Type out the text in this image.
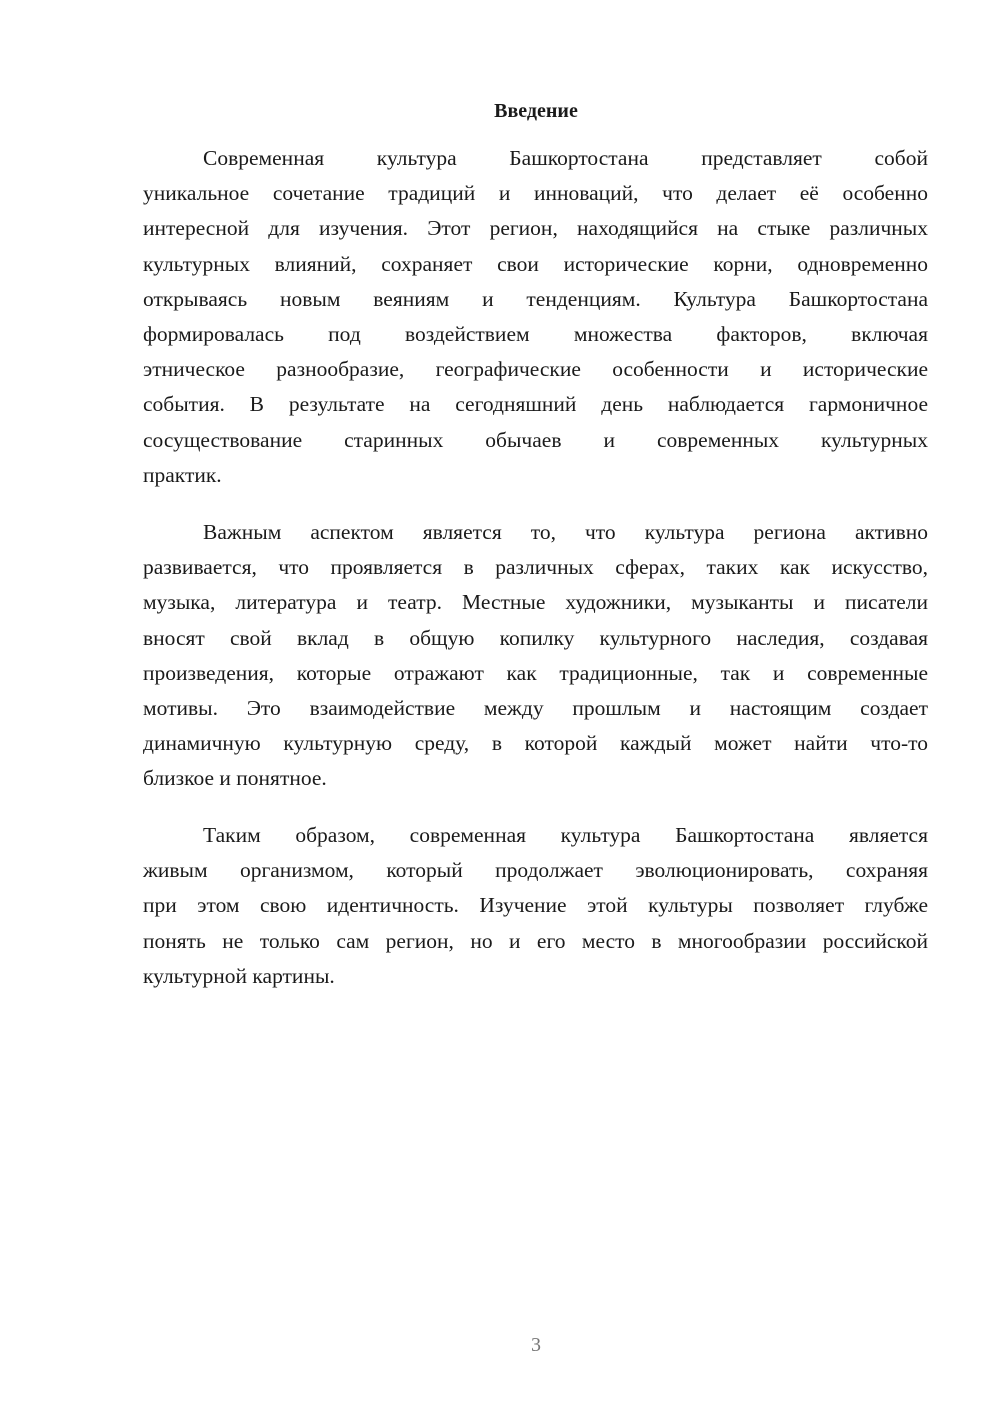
Введение
Современная культура Башкортостана представляет собой
уникальное сочетание традиций и инноваций, что делает её особенно
интересной для изучения. Этот регион, находящийся на стыке различных
культурных влияний, сохраняет свои исторические корни, одновременно
открываясь новым веяниям и тенденциям. Культура Башкортостана
формировалась под воздействием множества факторов, включая
этническое разнообразие, географические особенности и исторические
события. В результате на сегодняшний день наблюдается гармоничное
сосуществование старинных обычаев и современных культурных
практик.
Важным аспектом является то, что культура региона активно
развивается, что проявляется в различных сферах, таких как искусство,
музыка, литература и театр. Местные художники, музыканты и писатели
вносят свой вклад в общую копилку культурного наследия, создавая
произведения, которые отражают как традиционные, так и современные
мотивы. Это взаимодействие между прошлым и настоящим создает
динамичную культурную среду, в которой каждый может найти что-то
близкое и понятное.
Таким образом, современная культура Башкортостана является
живым организмом, который продолжает эволюционировать, сохраняя
при этом свою идентичность. Изучение этой культуры позволяет глубже
понять не только сам регион, но и его место в многообразии российской
культурной картины.
3
